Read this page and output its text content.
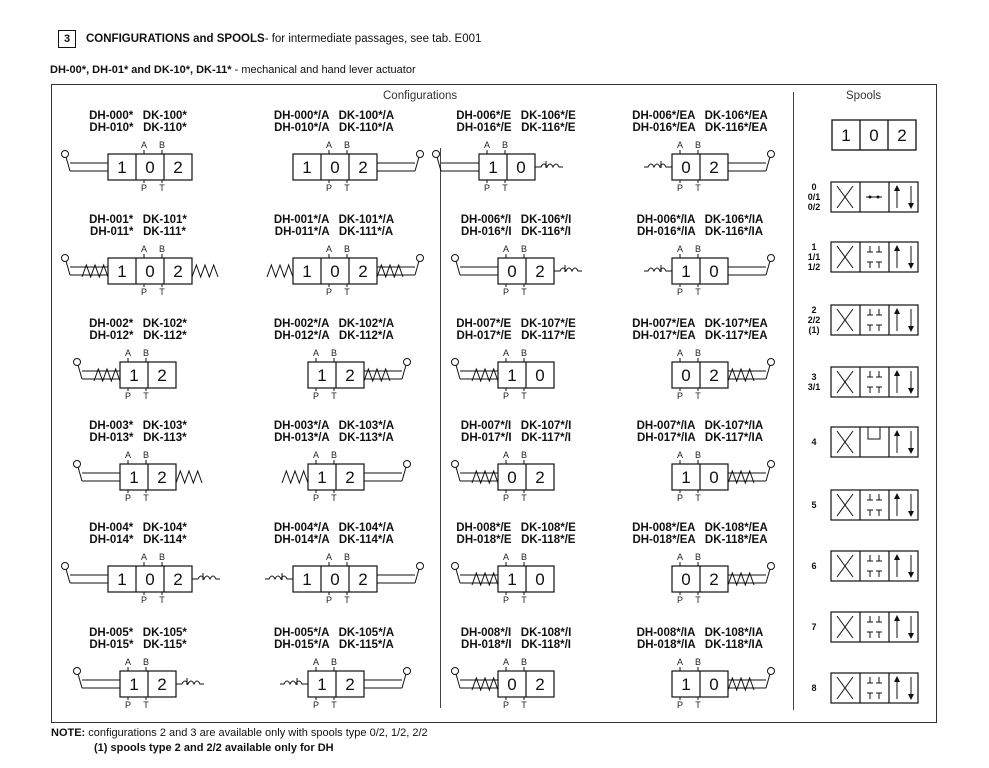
3	CONFIGURATIONS and SPOOLS - for intermediate passages, see tab. E001
DH-00*, DH-01* and DK-10*, DK-11* - mechanical and hand lever actuator
Configurations	Spools
DH-000*   DK-100*
DH-010*   DK-110*
DH-000*/A   DK-100*/A
DH-010*/A   DK-110*/A
DH-006*/E   DK-106*/E
DH-016*/E   DK-116*/E
DH-006*/EA   DK-106*/EA
DH-016*/EA   DK-116*/EA
DH-001*   DK-101*
DH-011*   DK-111*
DH-001*/A   DK-101*/A
DH-011*/A   DK-111*/A
DH-006*/I   DK-106*/I
DH-016*/I   DK-116*/I
DH-006*/IA   DK-106*/IA
DH-016*/IA   DK-116*/IA
DH-002*   DK-102*
DH-012*   DK-112*
DH-002*/A   DK-102*/A
DH-012*/A   DK-112*/A
DH-007*/E   DK-107*/E
DH-017*/E   DK-117*/E
DH-007*/EA   DK-107*/EA
DH-017*/EA   DK-117*/EA
DH-003*   DK-103*
DH-013*   DK-113*
DH-003*/A   DK-103*/A
DH-013*/A   DK-113*/A
DH-007*/I   DK-107*/I
DH-017*/I   DK-117*/I
DH-007*/IA   DK-107*/IA
DH-017*/IA   DK-117*/IA
DH-004*   DK-104*
DH-014*   DK-114*
DH-004*/A   DK-104*/A
DH-014*/A   DK-114*/A
DH-008*/E   DK-108*/E
DH-018*/E   DK-118*/E
DH-008*/EA   DK-108*/EA
DH-018*/EA   DK-118*/EA
DH-005*   DK-105*
DH-015*   DK-115*
DH-005*/A   DK-105*/A
DH-015*/A   DK-115*/A
DH-008*/I   DK-108*/I
DH-018*/I   DK-118*/I
DH-008*/IA   DK-108*/IA
DH-018*/IA   DK-118*/IA
1 0 2
A B
P T
1 0 2
A B
P T
1 0
A B
P T
0 2
A B
P T
1 0 2
A B
P T
1 0 2
A B
P T
0 2
A B
P T
1 0
A B
P T
1 2
A B
P T
1 2
A B
P T
1 0
A B
P T
0 2
A B
P T
1 2
A B
P T
1 2
A B
P T
0 2
A B
P T
1 0
A B
P T
1 0 2
A B
P T
1 0 2
A B
P T
1 0
A B
P T
0 2
A B
P T
1 2
A B
P T
1 2
A B
P T
0 2
A B
P T
1 0
A B
P T
1 0 2
0
0/1
0/2
1
1/1
1/2
2
2/2
(1)
3
3/1
4
5
6
7
8
NOTE: configurations 2 and 3 are available only with spools type 0/2, 1/2, 2/2
(1) spools type 2 and 2/2 available only for DH
